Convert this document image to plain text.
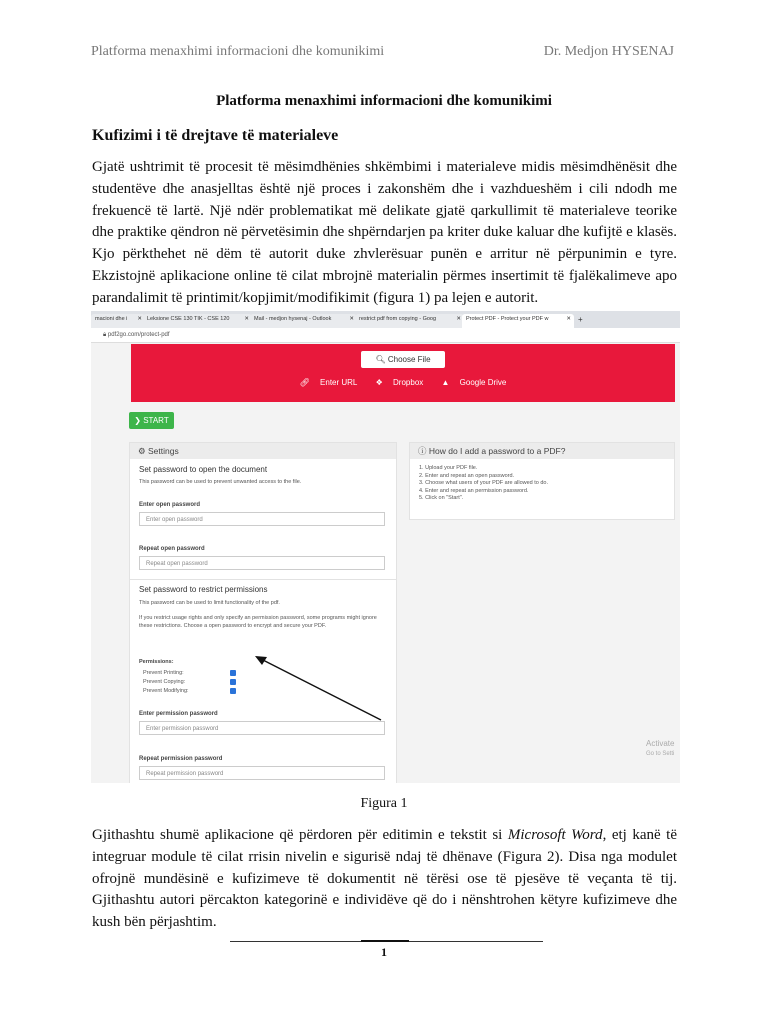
Platforma menaxhimi informacioni dhe komunikimi	Dr. Medjon HYSENAJ
Platforma menaxhimi informacioni dhe komunikimi
Kufizimi i të drejtave të materialeve
Gjatë ushtrimit të procesit të mësimdhënies shkëmbimi i materialeve midis mësimdhënësit dhe studentëve dhe anasjelltas është një proces i zakonshëm dhe i vazhdueshëm i cili ndodh me frekuencë të lartë. Një ndër problematikat më delikate gjatë qarkullimit të materialeve teorike dhe praktike qëndron në përvetësimin dhe shpërndarjen pa kriter duke kaluar dhe kufijtë e klasës. Kjo përkthehet në dëm të autorit duke zhvlerësuar punën e arritur në përpunimin e tyre. Ekzistojnë aplikacione online të cilat mbrojnë materialin përmes insertimit të fjalëkalimeve apo parandalimit të printimit/kopjimit/modifikimit (figura 1) pa lejen e autorit.
macioni dhe i ✕ Leksione CSE 130 TIK - CSE 120	✕ Mail - medjon hysenaj - Outlook	✕ restrict pdf from copying - Goog	✕ Protect PDF - Protect your PDF w	✕ +
🔒︎ pdf2go.com/protect-pdf
🔍︎ Choose File
🔗︎ Enter URL ❖ Dropbox ▲ Google Drive
❯ START
⚙ Settings
Set password to open the document
This password can be used to prevent unwanted access to the file.
Enter open password
Enter open password
Repeat open password
Repeat open password
Set password to restrict permissions
This password can be used to limit functionality of the pdf.
If you restrict usage rights and only specify an permission password, some programs might ignore these restrictions. Choose a open password to encrypt and secure your PDF.
Permissions:
Prevent Printing:
Prevent Copying:
Prevent Modifying:
Enter permission password
Enter permission password
Repeat permission password
Repeat permission password
ⓘ How do I add a password to a PDF?
1. Upload your PDF file.
2. Enter and repeat an open password.
3. Choose what users of your PDF are allowed to do.
4. Enter and repeat an permission password.
5. Click on "Start".
Activate
Go to Setti
Figura 1
Gjithashtu shumë aplikacione që përdoren për editimin e tekstit si Microsoft Word, etj kanë të integruar module të cilat rrisin nivelin e sigurisë ndaj të dhënave (Figura 2). Disa nga modulet ofrojnë mundësinë e kufizimeve të dokumentit në tërësi ose të pjesëve të veçanta të tij. Gjithashtu autori përcakton kategorinë e individëve që do i nënshtrohen këtyre kufizimeve dhe kush bën përjashtim.
1
